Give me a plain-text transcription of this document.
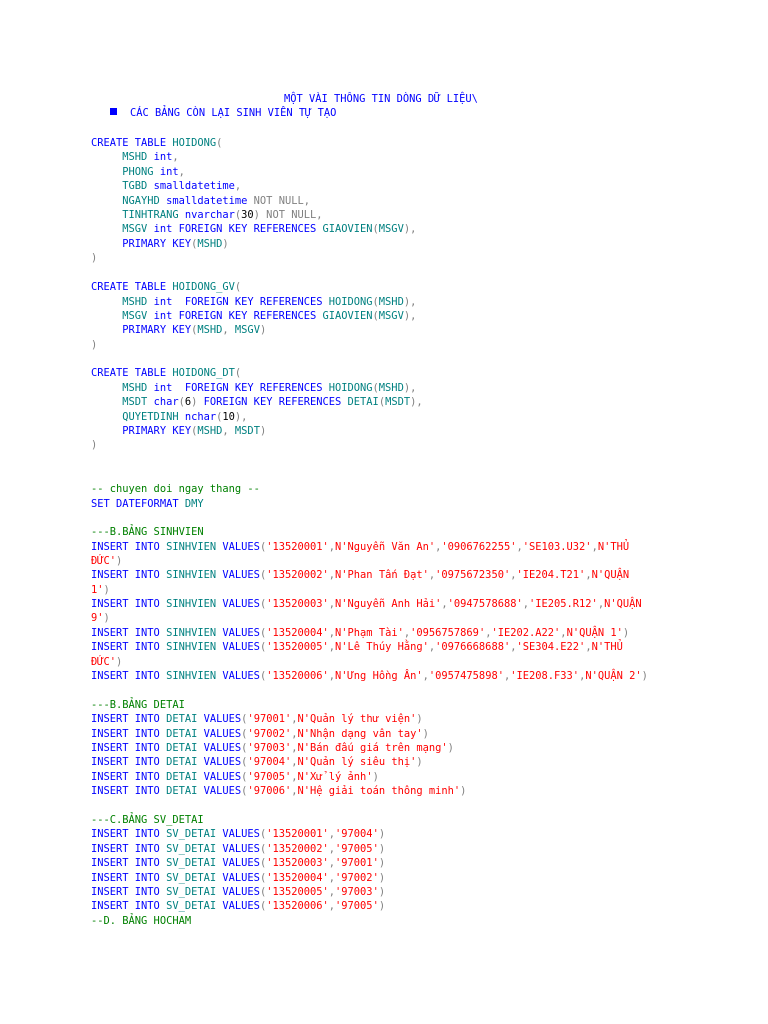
MỘT VÀI THÔNG TIN DÒNG DỮ LIỆU\
CÁC BẢNG CÒN LẠI SINH VIÊN TỰ TẠO
CREATE TABLE HOIDONG(
MSHD int,
PHONG int,
TGBD smalldatetime,
NGAYHD smalldatetime NOT NULL,
TINHTRANG nvarchar(30) NOT NULL,
MSGV int FOREIGN KEY REFERENCES GIAOVIEN(MSGV),
PRIMARY KEY(MSHD)
)
CREATE TABLE HOIDONG_GV(
MSHD int  FOREIGN KEY REFERENCES HOIDONG(MSHD),
MSGV int FOREIGN KEY REFERENCES GIAOVIEN(MSGV),
PRIMARY KEY(MSHD, MSGV)
)
CREATE TABLE HOIDONG_DT(
MSHD int  FOREIGN KEY REFERENCES HOIDONG(MSHD),
MSDT char(6) FOREIGN KEY REFERENCES DETAI(MSDT),
QUYETDINH nchar(10),
PRIMARY KEY(MSHD, MSDT)
)
-- chuyen doi ngay thang --
SET DATEFORMAT DMY
---B.BẢNG SINHVIEN
INSERT INTO SINHVIEN VALUES('13520001',N'Nguyễn Văn An','0906762255','SE103.U32',N'THỦ
ĐỨC')
INSERT INTO SINHVIEN VALUES('13520002',N'Phan Tấn Đạt','0975672350','IE204.T21',N'QUẬN
1')
INSERT INTO SINHVIEN VALUES('13520003',N'Nguyễn Anh Hải','0947578688','IE205.R12',N'QUẬN
9')
INSERT INTO SINHVIEN VALUES('13520004',N'Phạm Tài','0956757869','IE202.A22',N'QUẬN 1')
INSERT INTO SINHVIEN VALUES('13520005',N'Lê Thúy Hằng','0976668688','SE304.E22',N'THỦ
ĐỨC')
INSERT INTO SINHVIEN VALUES('13520006',N'Ưng Hồng Ân','0957475898','IE208.F33',N'QUẬN 2')
---B.BẢNG DETAI
INSERT INTO DETAI VALUES('97001',N'Quản lý thư viện')
INSERT INTO DETAI VALUES('97002',N'Nhận dạng vân tay')
INSERT INTO DETAI VALUES('97003',N'Bán đấu giá trên mạng')
INSERT INTO DETAI VALUES('97004',N'Quản lý siêu thị')
INSERT INTO DETAI VALUES('97005',N'Xử lý ảnh')
INSERT INTO DETAI VALUES('97006',N'Hệ giải toán thông minh')
---C.BẢNG SV_DETAI
INSERT INTO SV_DETAI VALUES('13520001','97004')
INSERT INTO SV_DETAI VALUES('13520002','97005')
INSERT INTO SV_DETAI VALUES('13520003','97001')
INSERT INTO SV_DETAI VALUES('13520004','97002')
INSERT INTO SV_DETAI VALUES('13520005','97003')
INSERT INTO SV_DETAI VALUES('13520006','97005')
--D. BẢNG HOCHAM
